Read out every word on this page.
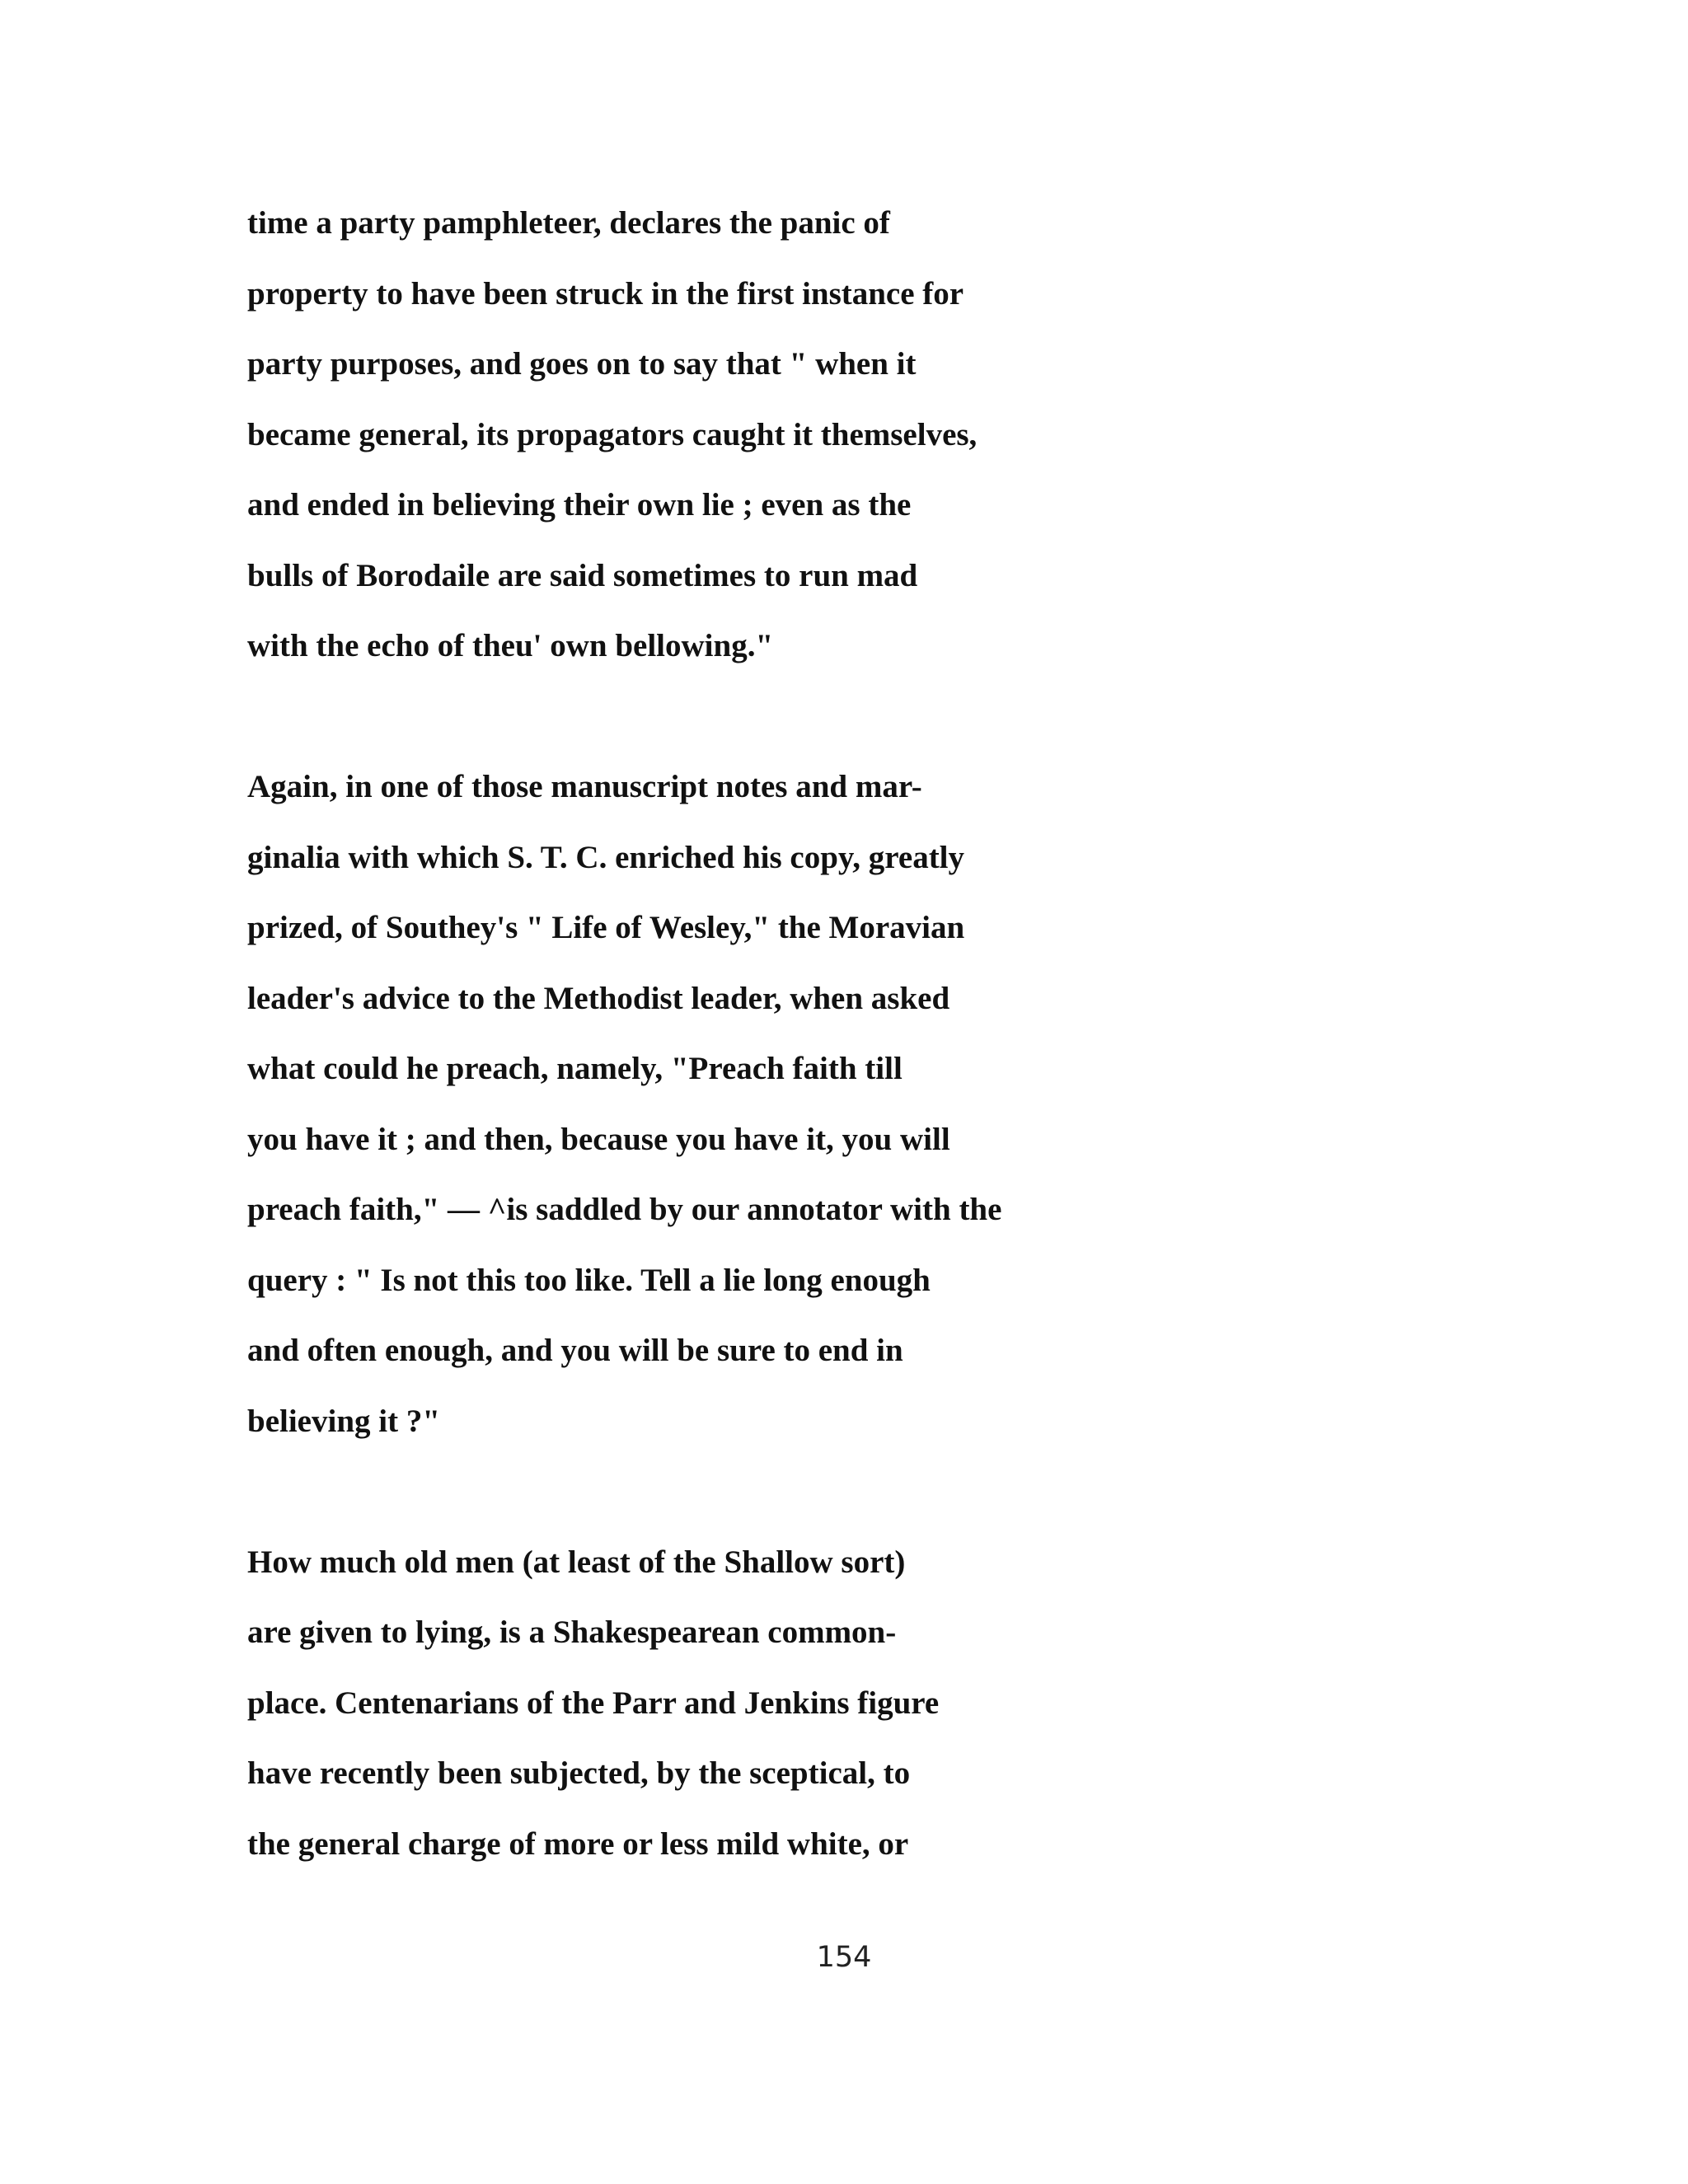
time a party pamphleteer, declares the panic of
property to have been struck in the first instance for
party purposes, and goes on to say that " when it
became general, its propagators caught it themselves,
and ended in believing their own lie ; even as the
bulls of Borodaile are said sometimes to run mad
with the echo of theu' own bellowing."

Again, in one of those manuscript notes and mar-
ginalia with which S. T. C. enriched his copy, greatly
prized, of Southey's " Life of Wesley," the Moravian
leader's advice to the Methodist leader, when asked
what could he preach, namely, "Preach faith till
you have it ; and then, because you have it, you will
preach faith," — ^is saddled by our annotator with the
query : " Is not this too like. Tell a lie long enough
and often enough, and you will be sure to end in
believing it ?"

How much old men (at least of the Shallow sort)
are given to lying, is a Shakespearean common-
place. Centenarians of the Parr and Jenkins figure
have recently been subjected, by the sceptical, to
the general charge of more or less mild white, or

154
